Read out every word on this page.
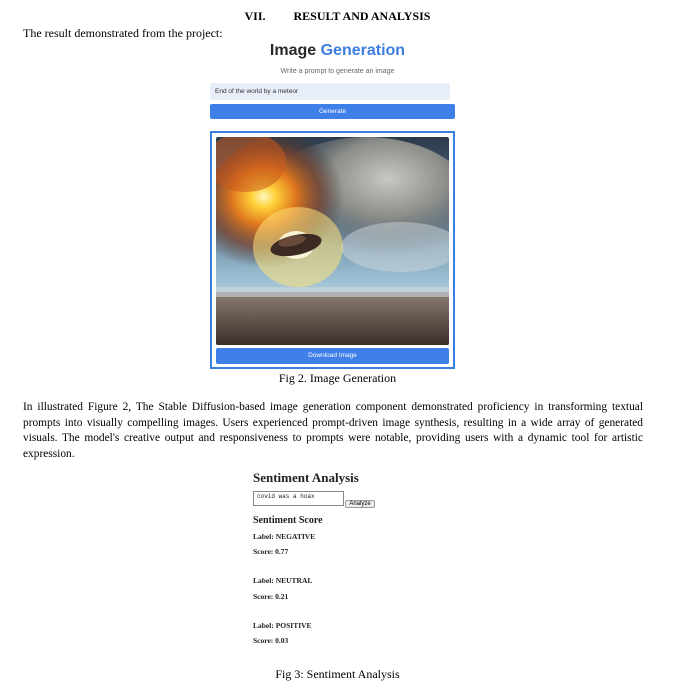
VII. RESULT AND ANALYSIS
The result demonstrated from the project:
Image Generation
Write a prompt to generate an image
End of the world by a meteor
Generate
Download Image
Fig 2. Image Generation

In illustrated Figure 2, The Stable Diffusion-based image generation component demonstrated proficiency in transforming textual prompts into visually compelling images. Users experienced prompt-driven image synthesis, resulting in a wide array of generated visuals. The model's creative output and responsiveness to prompts were notable, providing users with a dynamic tool for artistic expression.

Sentiment Analysis
covid was a hoax
Analyze
Sentiment Score
Label: NEGATIVE
Score: 0.77
Label: NEUTRAL
Score: 0.21
Label: POSITIVE
Score: 0.03
Fig 3: Sentiment Analysis
